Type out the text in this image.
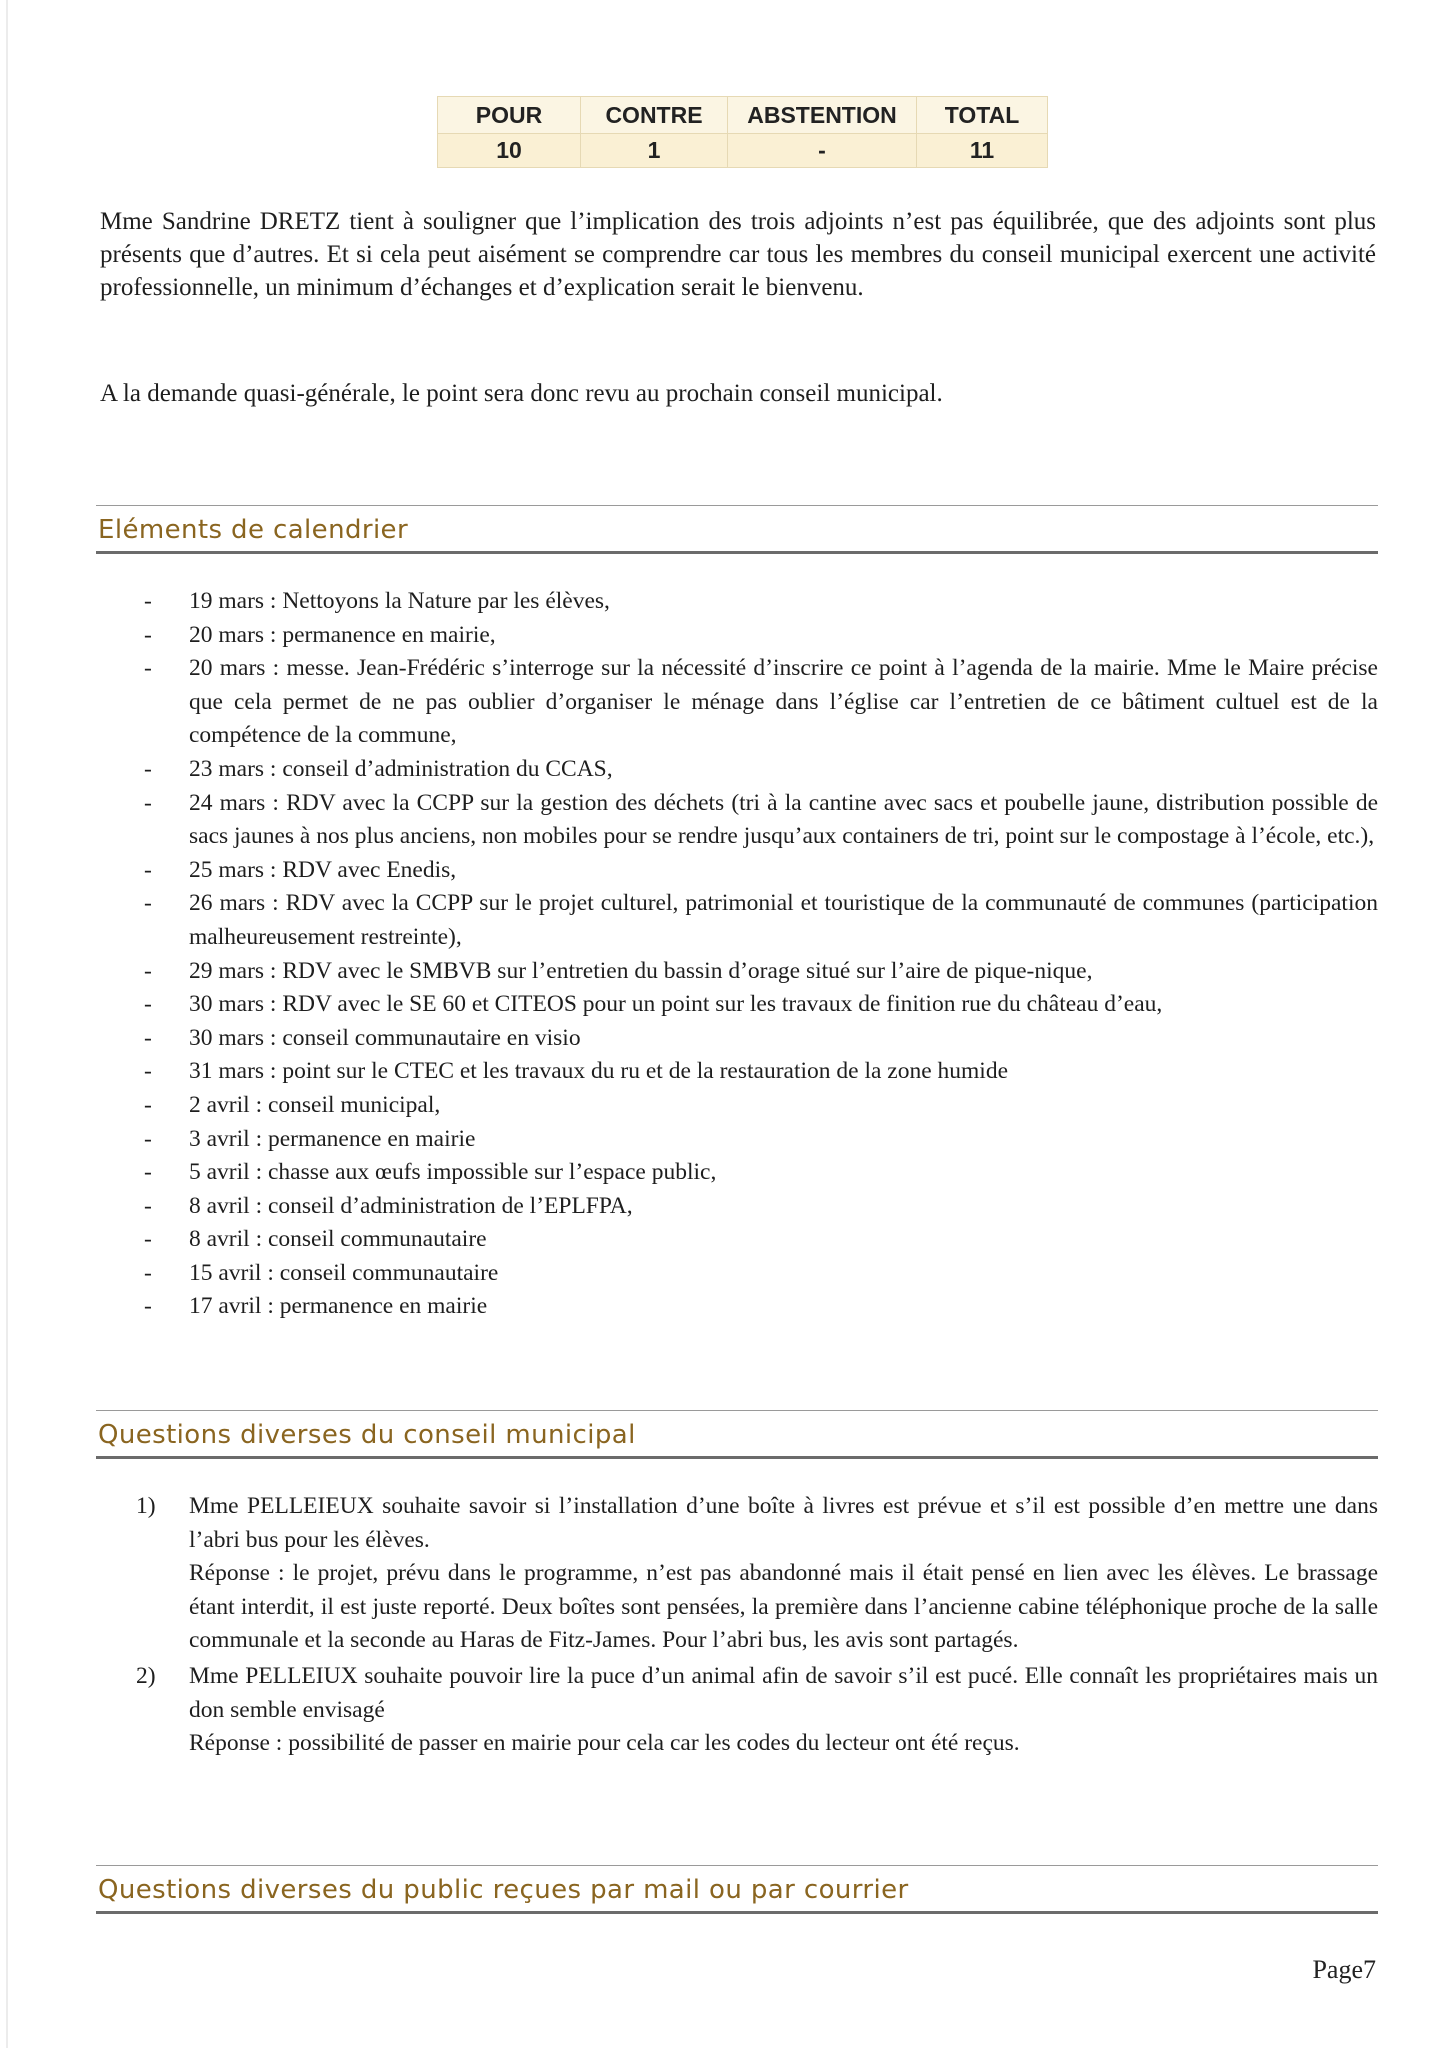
POUR	CONTRE	ABSTENTION	TOTAL
10	1	-	11

Mme Sandrine DRETZ tient à souligner que l’implication des trois adjoints n’est pas équilibrée, que des adjoints sont plus présents que d’autres. Et si cela peut aisément se comprendre car tous les membres du conseil municipal exercent une activité professionnelle, un minimum d’échanges et d’explication serait le bienvenu.

A la demande quasi-générale, le point sera donc revu au prochain conseil municipal.

Eléments de calendrier
- 19 mars : Nettoyons la Nature par les élèves,
- 20 mars : permanence en mairie,
- 20 mars : messe. Jean-Frédéric s’interroge sur la nécessité d’inscrire ce point à l’agenda de la mairie. Mme le Maire précise que cela permet de ne pas oublier d’organiser le ménage dans l’église car l’entretien de ce bâtiment cultuel est de la compétence de la commune,
- 23 mars : conseil d’administration du CCAS,
- 24 mars : RDV avec la CCPP sur la gestion des déchets (tri à la cantine avec sacs et poubelle jaune, distribution possible de sacs jaunes à nos plus anciens, non mobiles pour se rendre jusqu’aux containers de tri, point sur le compostage à l’école, etc.),
- 25 mars : RDV avec Enedis,
- 26 mars : RDV avec la CCPP sur le projet culturel, patrimonial et touristique de la communauté de communes (participation malheureusement restreinte),
- 29 mars : RDV avec le SMBVB sur l’entretien du bassin d’orage situé sur l’aire de pique-nique,
- 30 mars : RDV avec le SE 60 et CITEOS pour un point sur les travaux de finition rue du château d’eau,
- 30 mars : conseil communautaire en visio
- 31 mars : point sur le CTEC et les travaux du ru et de la restauration de la zone humide
- 2 avril : conseil municipal,
- 3 avril : permanence en mairie
- 5 avril : chasse aux œufs impossible sur l’espace public,
- 8 avril : conseil d’administration de l’EPLFPA,
- 8 avril : conseil communautaire
- 15 avril : conseil communautaire
- 17 avril : permanence en mairie
Questions diverses du conseil municipal
1) Mme PELLEIEUX souhaite savoir si l’installation d’une boîte à livres est prévue et s’il est possible d’en mettre une dans l’abri bus pour les élèves.

Réponse : le projet, prévu dans le programme, n’est pas abandonné mais il était pensé en lien avec les élèves. Le brassage étant interdit, il est juste reporté. Deux boîtes sont pensées, la première dans l’ancienne cabine téléphonique proche de la salle communale et la seconde au Haras de Fitz-James. Pour l’abri bus, les avis sont partagés.

2) Mme PELLEIUX souhaite pouvoir lire la puce d’un animal afin de savoir s’il est pucé. Elle connaît les propriétaires mais un don semble envisagé

Réponse : possibilité de passer en mairie pour cela car les codes du lecteur ont été reçus.

Questions diverses du public reçues par mail ou par courrier
Page7
